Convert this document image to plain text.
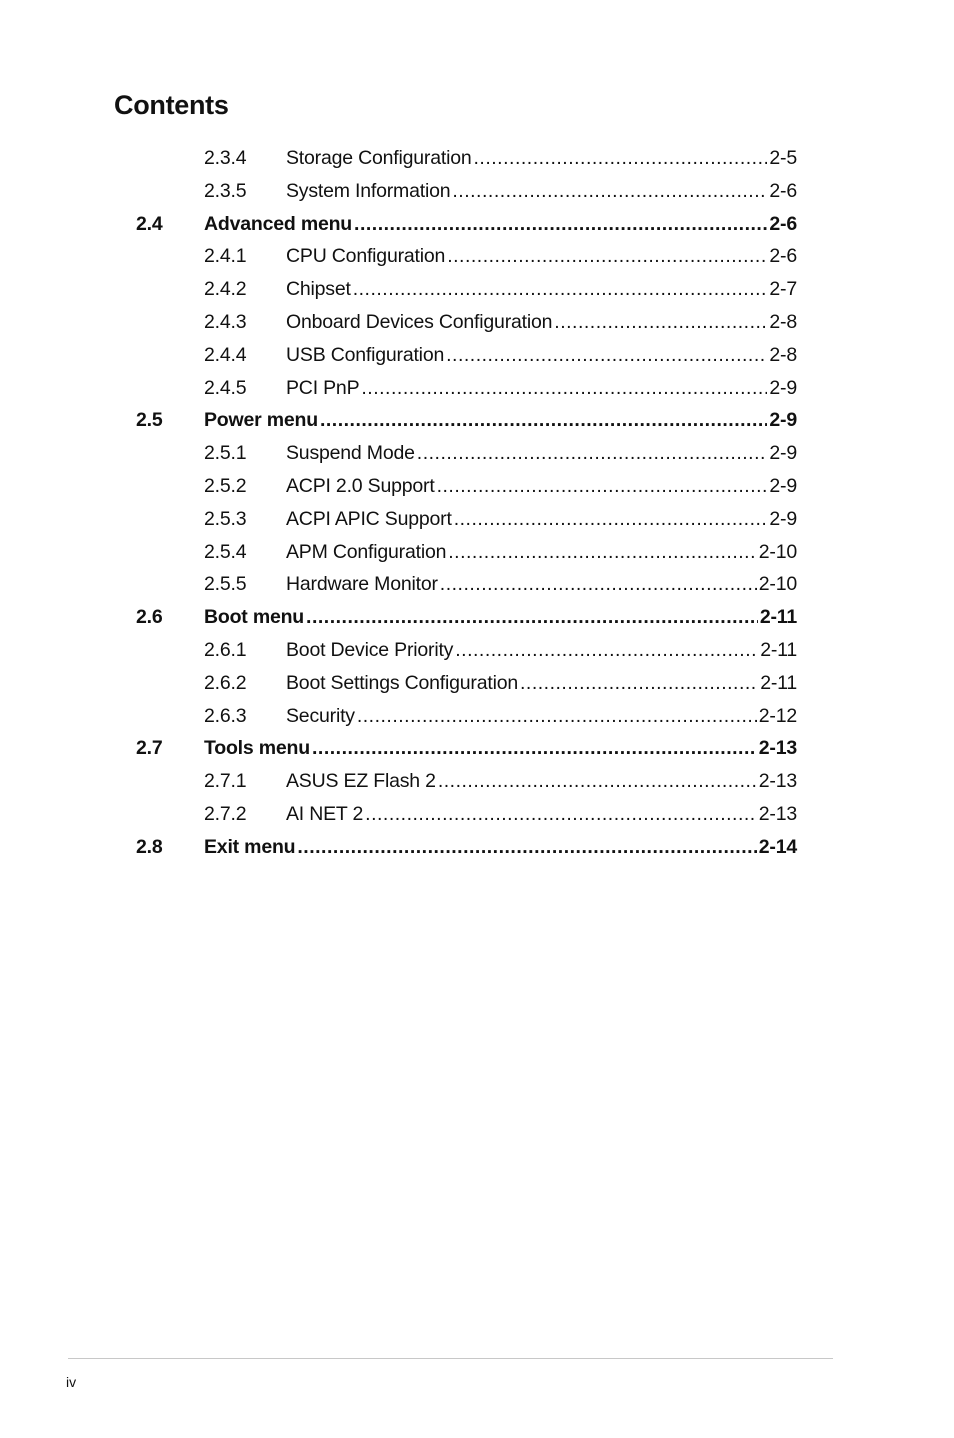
Contents
2.3.4 Storage Configuration .....	2-5
2.3.5 System Information .....	2-6
2.4 Advanced menu .....	2-6
2.4.1 CPU Configuration .....	2-6
2.4.2 Chipset .....	2-7
2.4.3 Onboard Devices Configuration .....	2-8
2.4.4 USB Configuration .....	2-8
2.4.5 PCI PnP .....	2-9
2.5 Power menu .....	2-9
2.5.1 Suspend Mode .....	2-9
2.5.2 ACPI 2.0 Support .....	2-9
2.5.3 ACPI APIC Support .....	2-9
2.5.4 APM Configuration .....	2-10
2.5.5 Hardware Monitor .....	2-10
2.6 Boot menu .....	2-11
2.6.1 Boot Device Priority .....	2-11
2.6.2 Boot Settings Configuration .....	2-11
2.6.3 Security .....	2-12
2.7 Tools menu .....	2-13
2.7.1 ASUS EZ Flash 2 .....	2-13
2.7.2 AI NET 2 .....	2-13
2.8 Exit menu .....	2-14
iv
